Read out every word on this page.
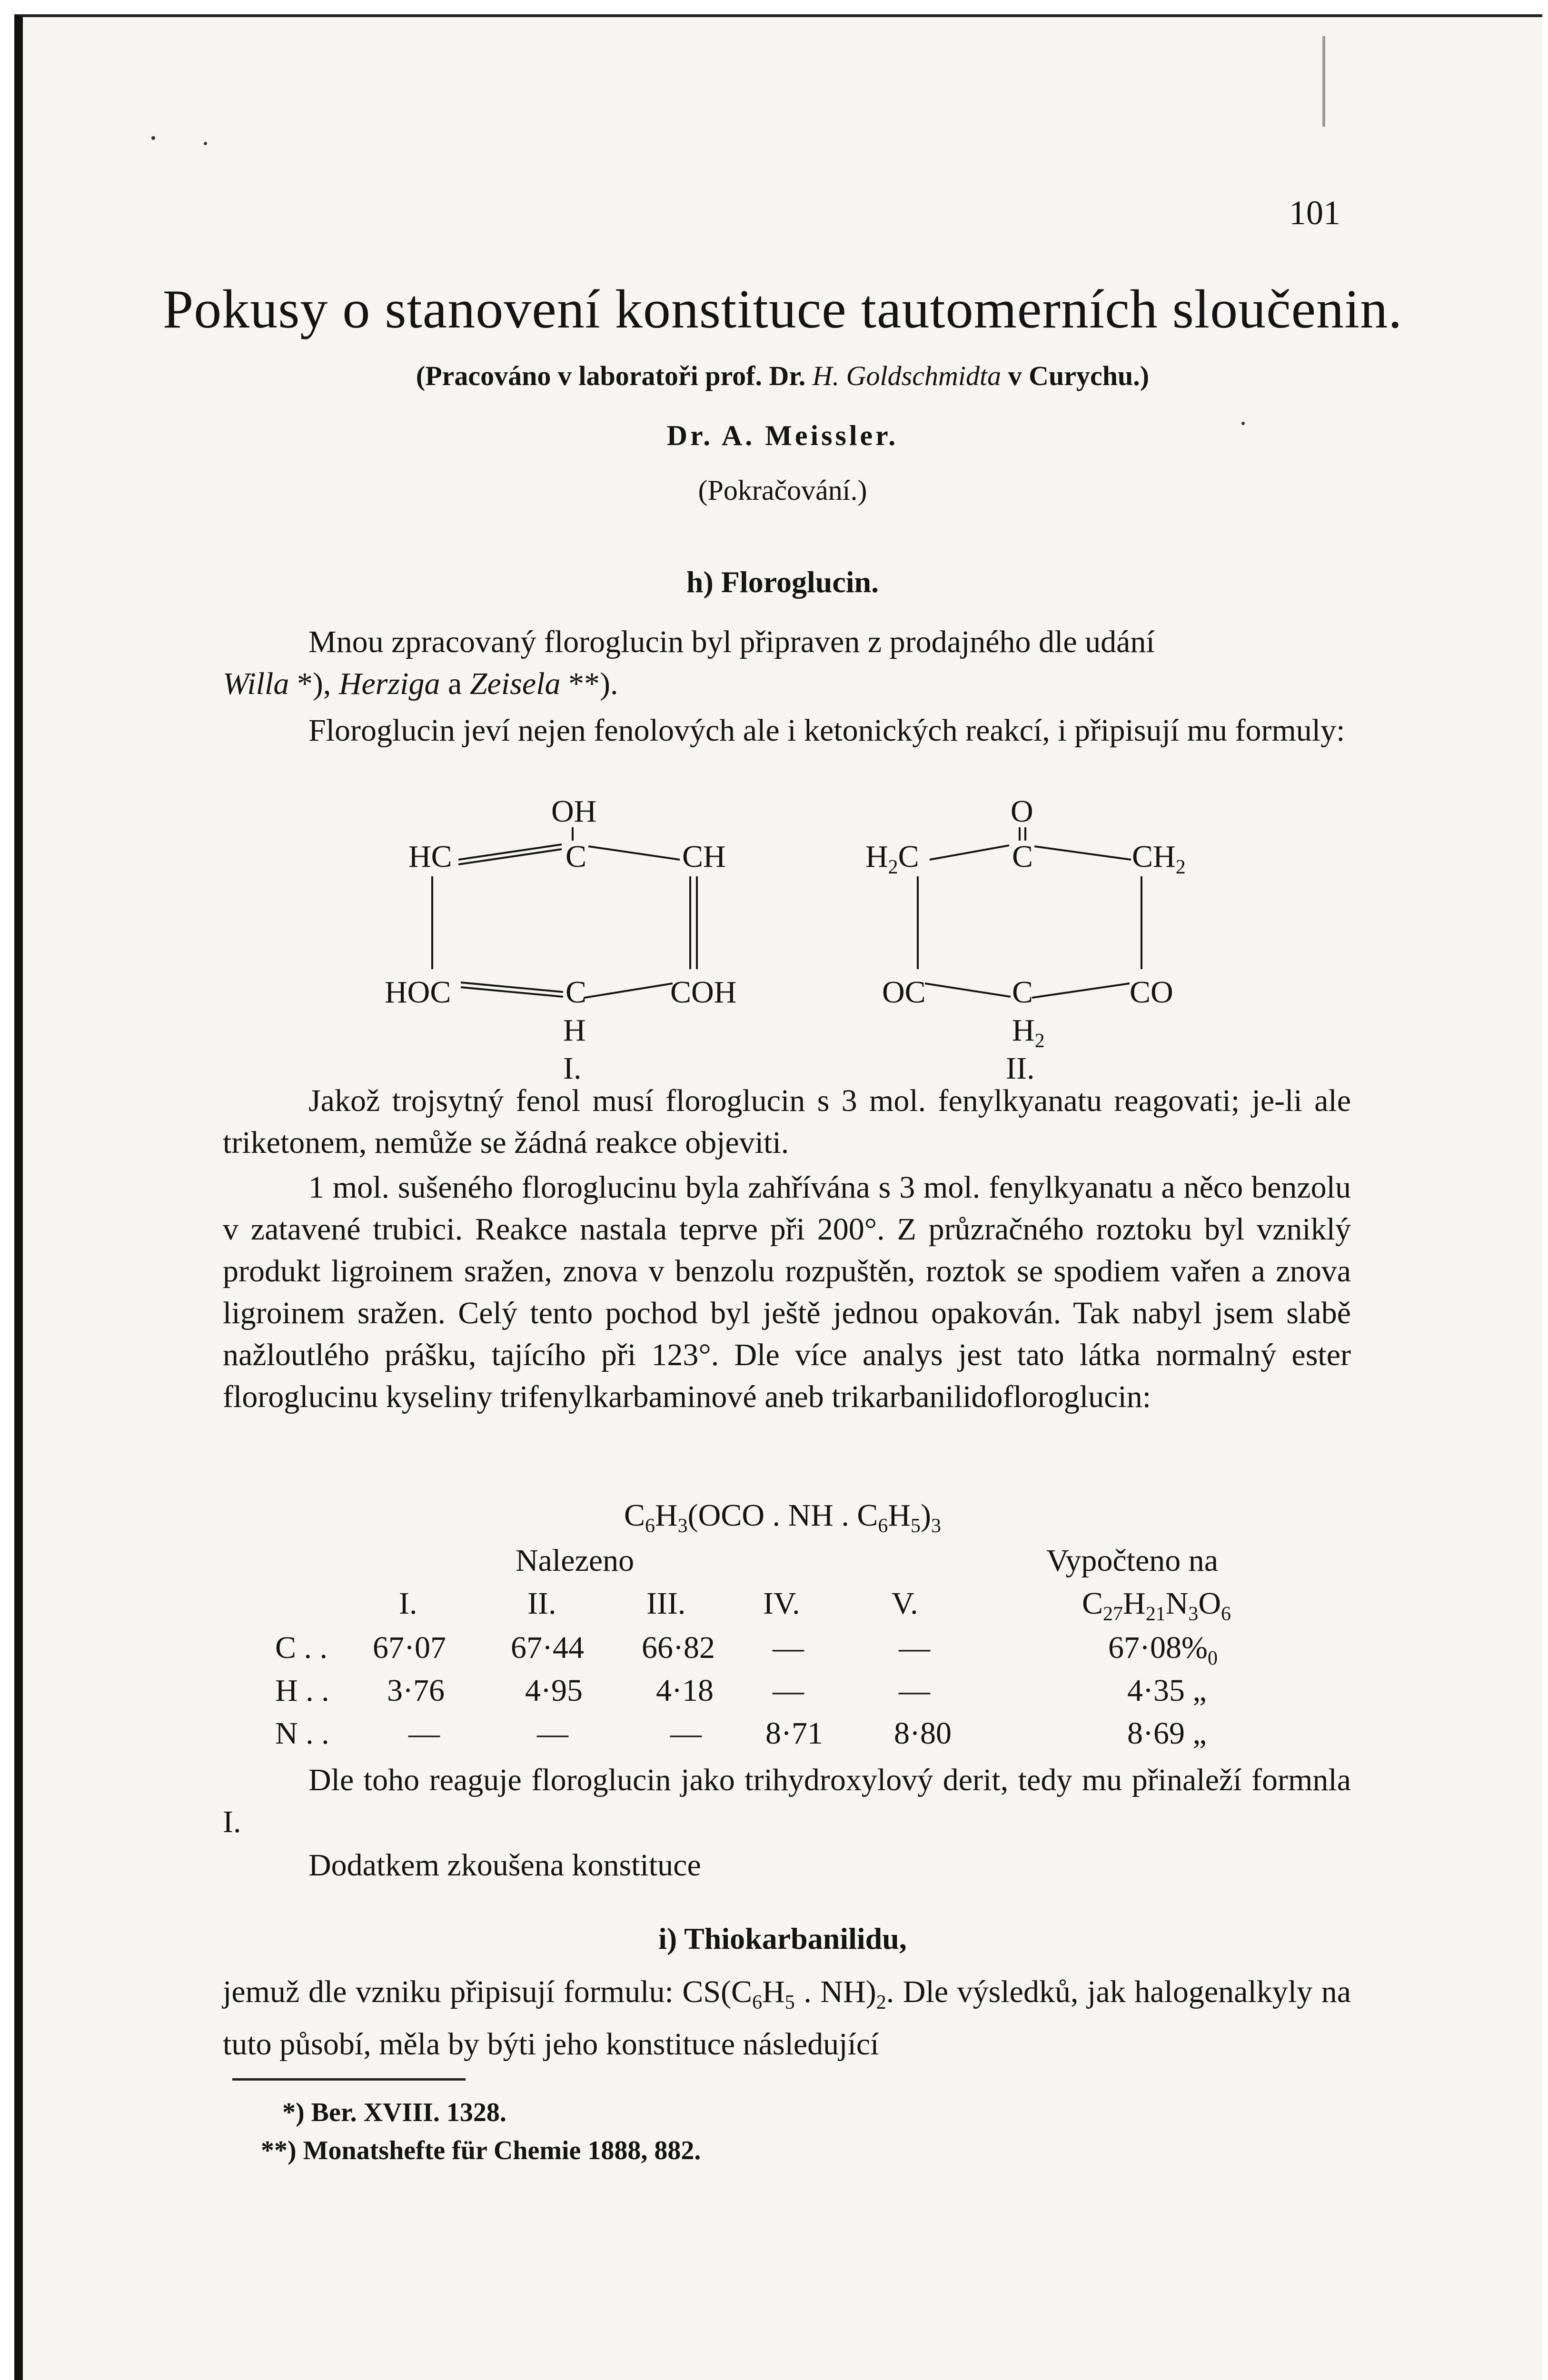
101
Pokusy o stanovení konstituce tautomerních sloučenin.
(Pracováno v laboratoři prof. Dr. H. Goldschmidta v Curychu.)
Dr. A. Meissler.
(Pokračování.)
h) Floroglucin.
Mnou zpracovaný floroglucin byl připraven z prodajného dle udání
Willa *), Herziga a Zeisela **).
Floroglucin jeví nejen fenolových ale i ketonických reakcí, i připisují mu formuly:
OH
HC	C	CH
HOC	C	COH
H
I.
O
$H_2C$	C	$CH_2$
OC	C	CO
$H_2$
II.
Jakož trojsytný fenol musí floroglucin s 3 mol. fenylkyanatu reagovati; je-li ale triketonem, nemůže se žádná reakce objeviti.
1 mol. sušeného floroglucinu byla zahřívána s 3 mol. fenylkyanatu a něco benzolu v zatavené trubici. Reakce nastala teprve při 200°. Z průzračného roztoku byl vzniklý produkt ligroinem sražen, znova v benzolu rozpuštěn, roztok se spodiem vařen a znova ligroinem sražen. Celý tento pochod byl ještě jednou opakován. Tak nabyl jsem slabě nažloutlého prášku, tajícího při 123°. Dle více analys jest tato látka normalný ester floroglucinu kyseliny trifenylkarbaminové aneb trikarbanilidofloroglucin:
$C_6H_3(OCO$ . NH . $C_6H_5)_3$
Nalezeno	Vypočteno na
I.	II.	III. IV.	V.	$C_{27}H_{21}N_3O_6$
C . . 67·07 67·44 66·82 —	—	$67\cdot 08\%_0$
H . . 3·76	4·95 4·18 —	—	4·35 „
N . .	—	—	— 8·71 8·80	8·69 „
Dle toho reaguje floroglucin jako trihydroxylový derit, tedy mu přinaleží formnla I.
Dodatkem zkoušena konstituce
i) Thiokarbanilidu,
jemuž dle vzniku připisují formulu: $CS(C_6H_5$ . $NH)_2$. Dle výsledků, jak halogenalkyly na tuto působí, měla by býti jeho konstituce následující
*) Ber. XVIII. 1328.
**) Monatshefte für Chemie 1888, 882.
